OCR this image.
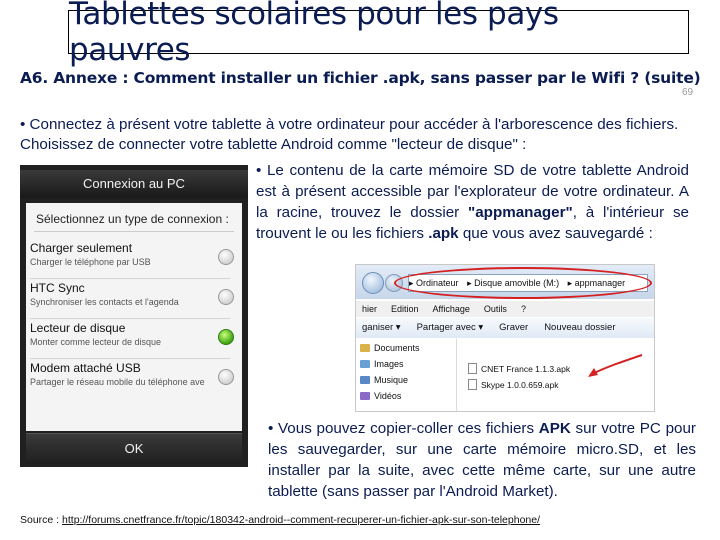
Tablettes scolaires pour les pays pauvres
A6. Annexe : Comment installer un fichier .apk, sans passer par le Wifi ? (suite)
69
• Connectez à présent votre tablette à votre ordinateur pour accéder à l'arborescence des fichiers. Choisissez de connecter votre tablette Android comme "lecteur de disque" :
Connexion au PC
Sélectionnez un type de connexion :
Charger seulement
Charger le téléphone par USB
HTC Sync
Synchroniser les contacts et l'agenda
Lecteur de disque
Monter comme lecteur de disque
Modem attaché USB
Partager le réseau mobile du téléphone ave
OK
• Le contenu de la carte mémoire SD de votre tablette Android est à présent accessible par l'explorateur de votre ordinateur. A la racine, trouvez le dossier "appmanager", à l'intérieur se trouvent le ou les fichiers .apk que vous avez sauvegardé :
▸ Ordinateur ▸ Disque amovible (M:) ▸ appmanager
hier Edition Affichage Outils ?
ganiser ▾ Partager avec ▾ Graver Nouveau dossier
Documents
Images
Musique
Vidéos
CNET France 1.1.3.apk
Skype 1.0.0.659.apk
• Vous pouvez copier-coller ces fichiers APK sur votre PC pour les sauvegarder, sur une carte mémoire micro.SD, et les installer par la suite, avec cette même carte, sur une autre tablette (sans passer par l'Android Market).
Source : http://forums.cnetfrance.fr/topic/180342-android--comment-recuperer-un-fichier-apk-sur-son-telephone/
